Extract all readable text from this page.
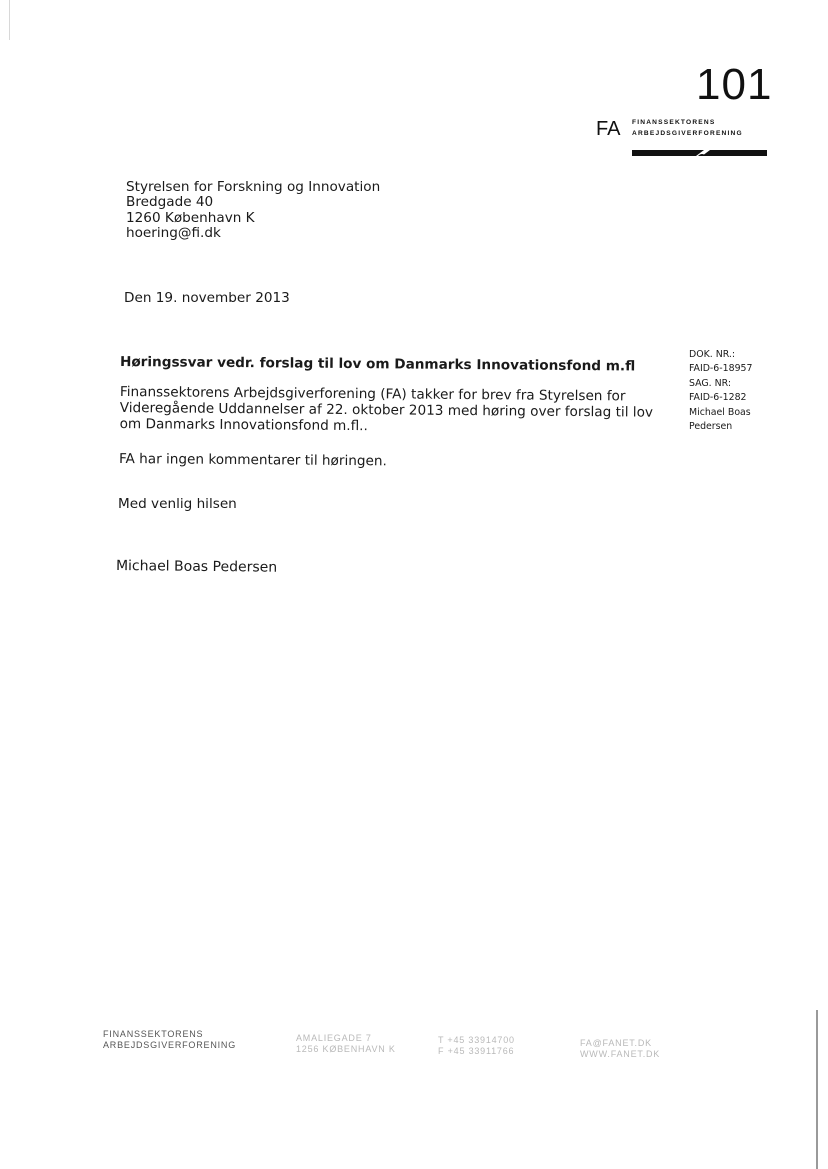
101
FA FINANSSEKTORENS
ARBEJDSGIVERFORENING
Styrelsen for Forskning og Innovation
Bredgade 40
1260 København K
hoering@fi.dk
Den 19. november 2013
Høringssvar vedr. forslag til lov om Danmarks Innovationsfond m.fl
Finanssektorens Arbejdsgiverforening (FA) takker for brev fra Styrelsen for
Videregående Uddannelser af 22. oktober 2013 med høring over forslag til lov
om Danmarks Innovationsfond m.fl..
FA har ingen kommentarer til høringen.
Med venlig hilsen
Michael Boas Pedersen
DOK. NR.:
FAID-6-18957
SAG. NR:
FAID-6-1282
Michael Boas
Pedersen
FINANSSEKTORENS
ARBEJDSGIVERFORENING
AMALIEGADE 7
1256 KØBENHAVN K
T +45 33914700
F +45 33911766
FA@FANET.DK
WWW.FANET.DK
